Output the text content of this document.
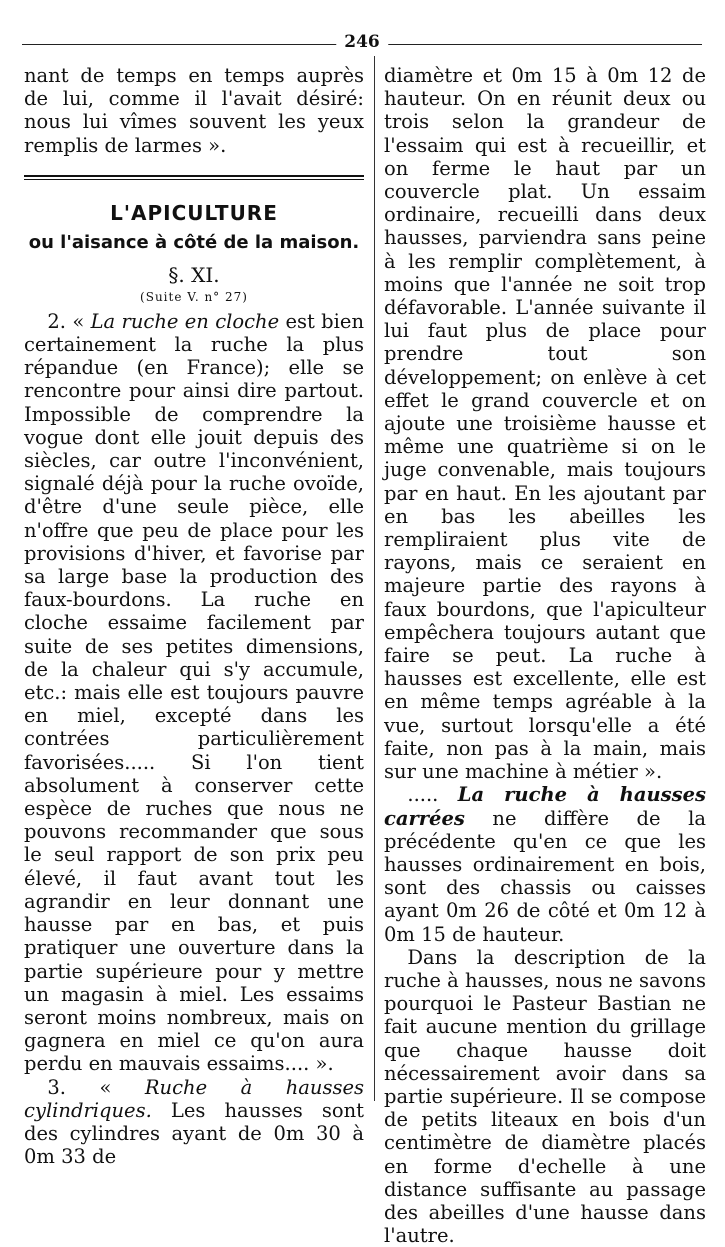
246

nant de temps en temps auprès de lui, comme il l'avait désiré: nous lui vîmes souvent les yeux remplis de larmes ».

L'APICULTURE
ou l'aisance à côté de la maison.
§. XI.
(Suite V. n° 27)

2. « La ruche en cloche est bien certainement la ruche la plus répandue (en France); elle se rencontre pour ainsi dire partout. Impossible de comprendre la vogue dont elle jouit depuis des siècles, car outre l'inconvénient, signalé déjà pour la ruche ovoïde, d'être d'une seule pièce, elle n'offre que peu de place pour les provisions d'hiver, et favorise par sa large base la production des faux-bourdons. La ruche en cloche essaime facilement par suite de ses petites dimensions, de la chaleur qui s'y accumule, etc.: mais elle est toujours pauvre en miel, excepté dans les contrées particulièrement favorisées..... Si l'on tient absolument à conserver cette espèce de ruches que nous ne pouvons recommander que sous le seul rapport de son prix peu élevé, il faut avant tout les agrandir en leur donnant une hausse par en bas, et puis pratiquer une ouverture dans la partie supérieure pour y mettre un magasin à miel. Les essaims seront moins nombreux, mais on gagnera en miel ce qu'on aura perdu en mauvais essaims.... ».

3. « Ruche à hausses cylindriques. Les hausses sont des cylindres ayant de 0m 30 à 0m 33 de

diamètre et 0m 15 à 0m 12 de hauteur. On en réunit deux ou trois selon la grandeur de l'essaim qui est à recueillir, et on ferme le haut par un couvercle plat. Un essaim ordinaire, recueilli dans deux hausses, parviendra sans peine à les remplir complètement, à moins que l'année ne soit trop défavorable. L'année suivante il lui faut plus de place pour prendre tout son développement; on enlève à cet effet le grand couvercle et on ajoute une troisième hausse et même une quatrième si on le juge convenable, mais toujours par en haut. En les ajoutant par en bas les abeilles les rempliraient plus vite de rayons, mais ce seraient en majeure partie des rayons à faux bourdons, que l'apiculteur empêchera toujours autant que faire se peut. La ruche à hausses est excellente, elle est en même temps agréable à la vue, surtout lorsqu'elle a été faite, non pas à la main, mais sur une machine à métier ».

..... La ruche à hausses carrées ne diffère de la précédente qu'en ce que les hausses ordinairement en bois, sont des chassis ou caisses ayant 0m 26 de côté et 0m 12 à 0m 15 de hauteur.

Dans la description de la ruche à hausses, nous ne savons pourquoi le Pasteur Bastian ne fait aucune mention du grillage que chaque hausse doit nécessairement avoir dans sa partie supérieure. Il se compose de petits liteaux en bois d'un centimètre de diamètre placés en forme d'echelle à une distance suffisante au passage des abeilles d'une hausse dans l'autre.
